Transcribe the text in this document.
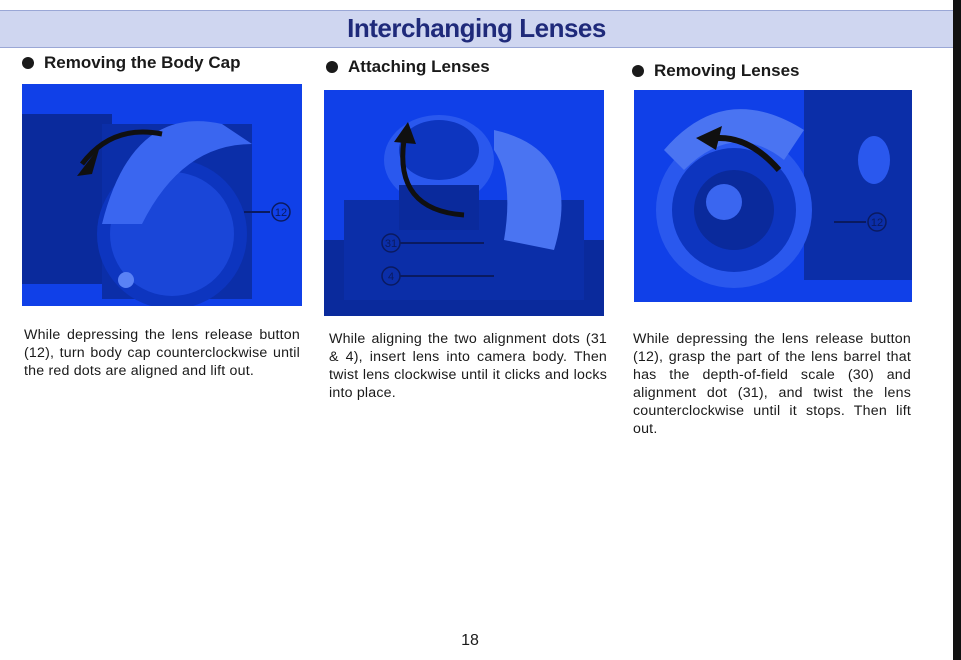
Interchanging Lenses
Removing the Body Cap
12
While depressing the lens release button (12), turn body cap counterclockwise until the red dots are aligned and lift out.
Attaching Lenses
31
4
While aligning the two alignment dots (31 & 4), insert lens into camera body. Then twist lens clockwise until it clicks and locks into place.
Removing Lenses
12
While depressing the lens release button (12), grasp the part of the lens barrel that has the depth-of-field scale (30) and alignment dot (31), and twist the lens counterclockwise until it stops. Then lift out.
18
